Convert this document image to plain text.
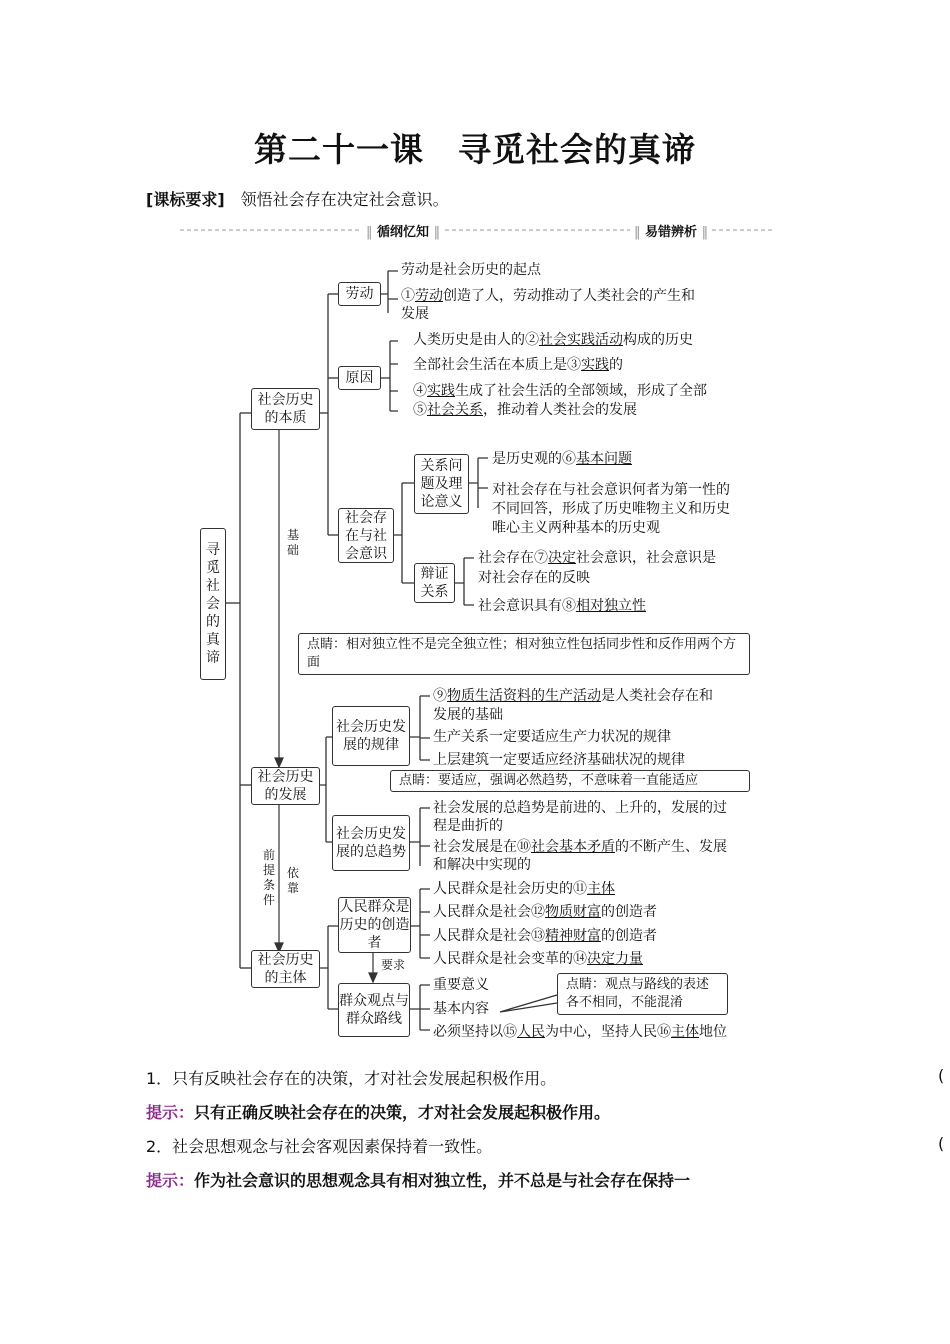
第二十一课　寻觅社会的真谛
[课标要求]　 领悟社会存在决定社会意识。
‖ 循纲忆知 ‖	‖ 易错辨析 ‖
寻觅社会的真谛
社会历史的本质
劳动
劳动是社会历史的起点
①劳动创造了人，劳动推动了人类社会的产生和
发展
原因
人类历史是由人的②社会实践活动构成的历史
全部社会生活在本质上是③实践的
④实践生成了社会生活的全部领域，形成了全部
⑤社会关系，推动着人类社会的发展
社会存在与社会意识
关系问题及理论意义
是历史观的⑥基本问题
对社会存在与社会意识何者为第一性的
不同回答，形成了历史唯物主义和历史
唯心主义两种基本的历史观
辩证关系
社会存在⑦决定社会意识，社会意识是
对社会存在的反映
社会意识具有⑧相对独立性
点睛：相对独立性不是完全独立性；相对独立性包括同步性和反作用两个方面
基础
社会历史的发展
社会历史发展的规律
⑨物质生活资料的生产活动是人类社会存在和
发展的基础
生产关系一定要适应生产力状况的规律
上层建筑一定要适应经济基础状况的规律
点睛：要适应，强调必然趋势，不意味着一直能适应
社会历史发展的总趋势
社会发展的总趋势是前进的、上升的，发展的过
程是曲折的
社会发展是在⑩社会基本矛盾的不断产生、发展
和解决中实现的
前提条件
依靠
社会历史的主体
人民群众是历史的创造者
人民群众是社会历史的⑪主体
人民群众是社会⑫物质财富的创造者
人民群众是社会⑬精神财富的创造者
人民群众是社会变革的⑭决定力量
要求
群众观点与群众路线
重要意义
基本内容
必须坚持以⑮人民为中心，坚持人民⑯主体地位
点睛：观点与路线的表述各不相同，不能混淆
1．只有反映社会存在的决策，才对社会发展起积极作用。	(
提示：只有正确反映社会存在的决策，才对社会发展起积极作用。
2．社会思想观念与社会客观因素保持着一致性。	(
提示：作为社会意识的思想观念具有相对独立性，并不总是与社会存在保持一
